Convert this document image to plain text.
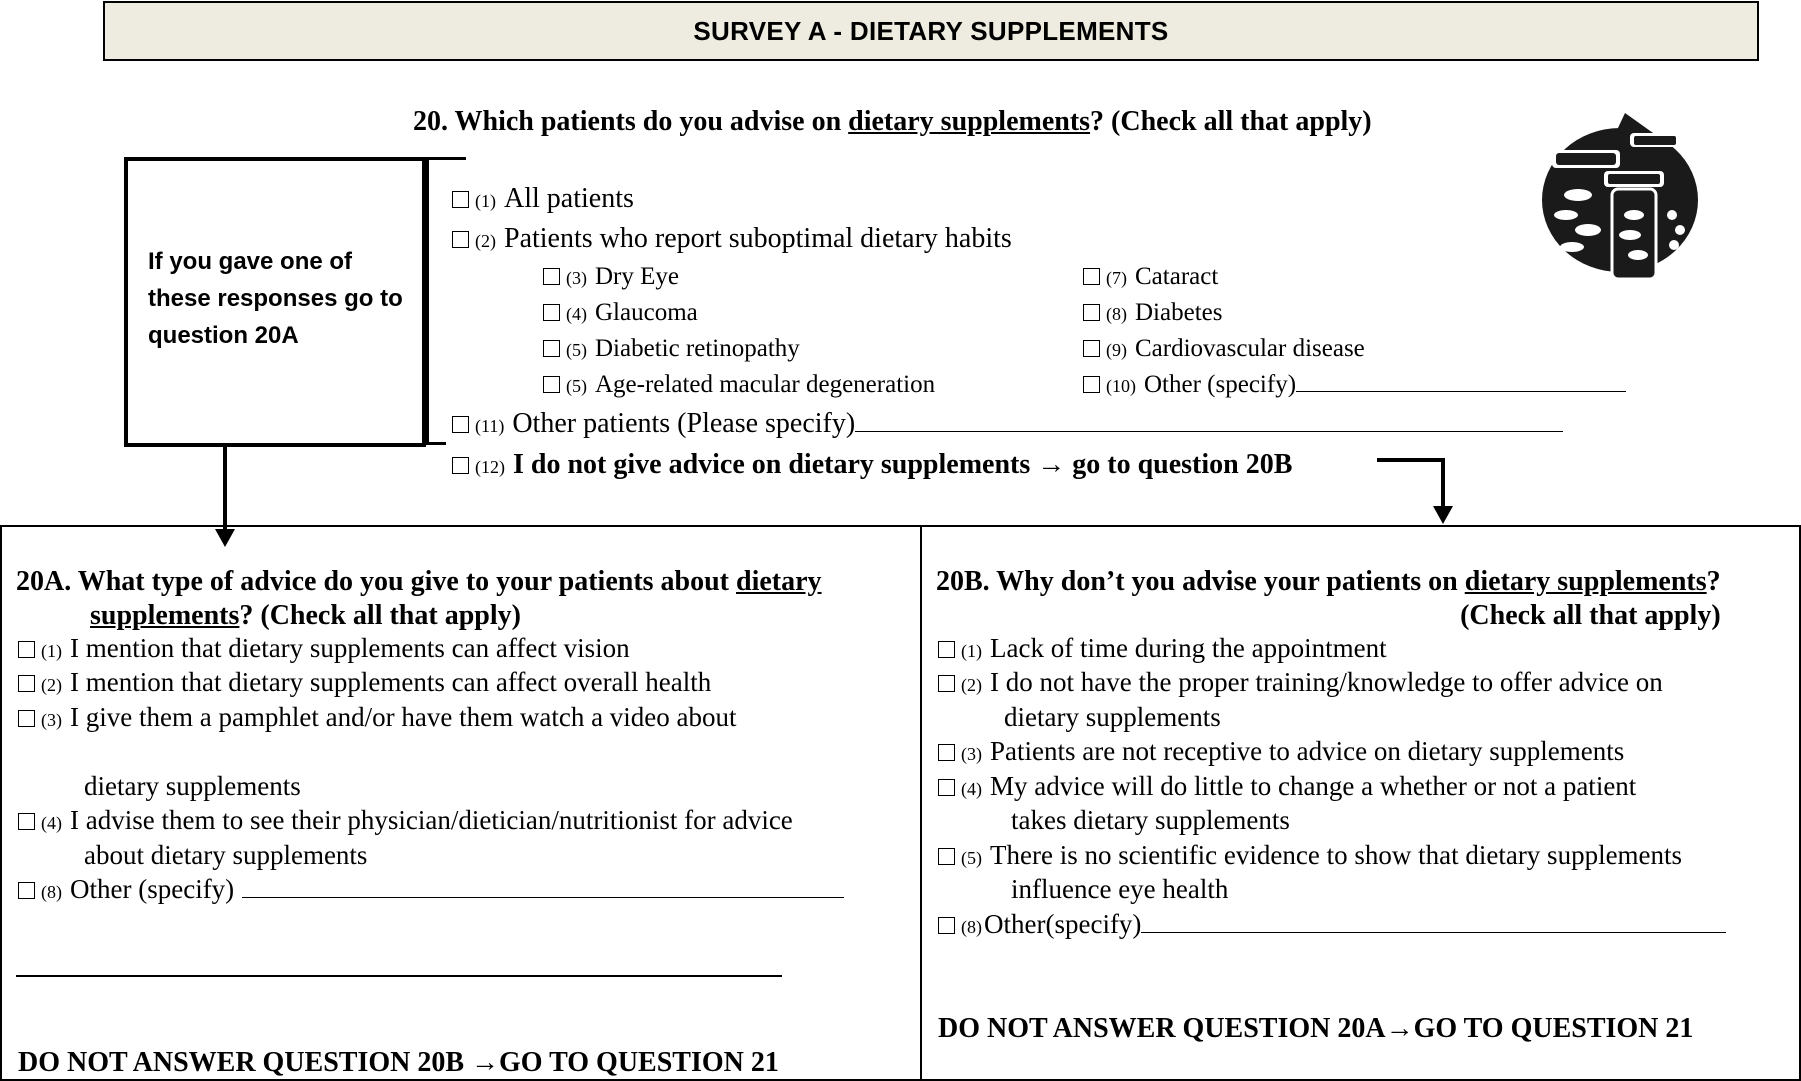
SURVEY A - DIETARY SUPPLEMENTS
20. Which patients do you advise on dietary supplements? (Check all that apply)
If you gave one of these responses go to question 20A
(1) All patients
(2) Patients who report suboptimal dietary habits
(3) Dry Eye
(4) Glaucoma
(5) Diabetic retinopathy
(5) Age-related macular degeneration
(7) Cataract
(8) Diabetes
(9) Cardiovascular disease
(10) Other (specify)
(11) Other patients (Please specify)
(12) I do not give advice on dietary supplements → go to question 20B
20A. What type of advice do you give to your patients about dietary
supplements? (Check all that apply)
(1) I mention that dietary supplements can affect vision
(2) I mention that dietary supplements can affect overall health
(3) I give them a pamphlet and/or have them watch a video about
dietary supplements
(4) I advise them to see their physician/dietician/nutritionist for advice
about dietary supplements
(8) Other (specify)
DO NOT ANSWER QUESTION 20B →GO TO QUESTION 21
20B. Why don’t you advise your patients on dietary supplements?
(Check all that apply)
(1) Lack of time during the appointment
(2) I do not have the proper training/knowledge to offer advice on
dietary supplements
(3) Patients are not receptive to advice on dietary supplements
(4) My advice will do little to change a whether or not a patient
takes dietary supplements
(5) There is no scientific evidence to show that dietary supplements
influence eye health
(8)Other(specify)
DO NOT ANSWER QUESTION 20A→GO TO QUESTION 21
